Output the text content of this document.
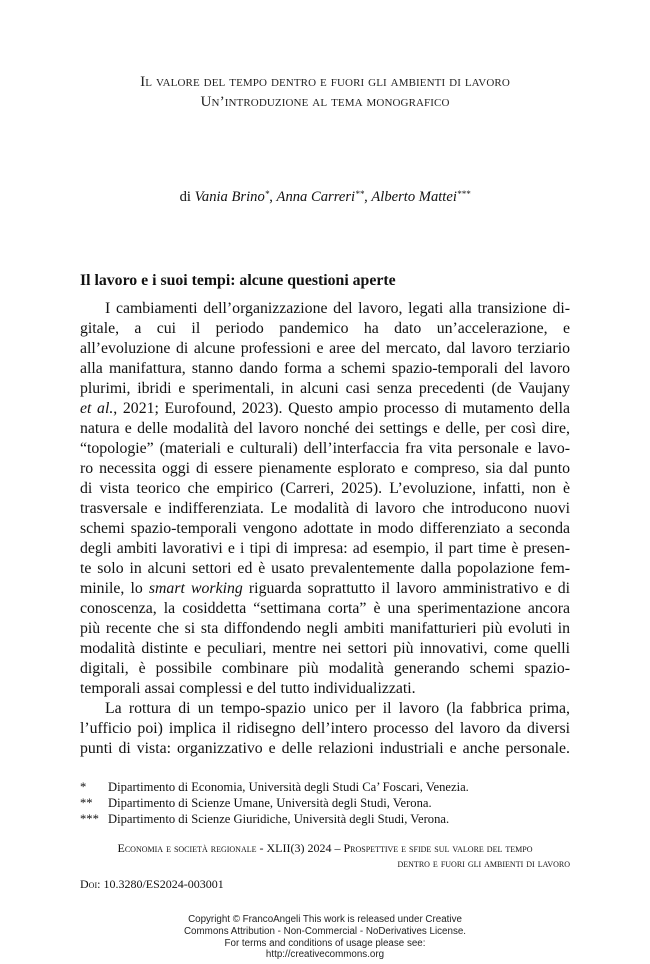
Il valore del tempo dentro e fuori gli ambienti di lavoro
Un’introduzione al tema monografico
di Vania Brino*, Anna Carreri**, Alberto Mattei***
Il lavoro e i suoi tempi: alcune questioni aperte
I cambiamenti dell’organizzazione del lavoro, legati alla transizione di-
gitale, a cui il periodo pandemico ha dato un’accelerazione, e
all’evoluzione di alcune professioni e aree del mercato, dal lavoro terziario
alla manifattura, stanno dando forma a schemi spazio-temporali del lavoro
plurimi, ibridi e sperimentali, in alcuni casi senza precedenti (de Vaujany
et al., 2021; Eurofound, 2023). Questo ampio processo di mutamento della
natura e delle modalità del lavoro nonché dei settings e delle, per così dire,
“topologie” (materiali e culturali) dell’interfaccia fra vita personale e lavo-
ro necessita oggi di essere pienamente esplorato e compreso, sia dal punto
di vista teorico che empirico (Carreri, 2025). L’evoluzione, infatti, non è
trasversale e indifferenziata. Le modalità di lavoro che introducono nuovi
schemi spazio-temporali vengono adottate in modo differenziato a seconda
degli ambiti lavorativi e i tipi di impresa: ad esempio, il part time è presen-
te solo in alcuni settori ed è usato prevalentemente dalla popolazione fem-
minile, lo smart working riguarda soprattutto il lavoro amministrativo e di
conoscenza, la cosiddetta “settimana corta” è una sperimentazione ancora
più recente che si sta diffondendo negli ambiti manifatturieri più evoluti in
modalità distinte e peculiari, mentre nei settori più innovativi, come quelli
digitali, è possibile combinare più modalità generando schemi spazio-
temporali assai complessi e del tutto individualizzati.
La rottura di un tempo-spazio unico per il lavoro (la fabbrica prima,
l’ufficio poi) implica il ridisegno dell’intero processo del lavoro da diversi
punti di vista: organizzativo e delle relazioni industriali e anche personale.
* Dipartimento di Economia, Università degli Studi Ca’ Foscari, Venezia.
** Dipartimento di Scienze Umane, Università degli Studi, Verona.
*** Dipartimento di Scienze Giuridiche, Università degli Studi, Verona.
Economia e società regionale - XLII(3) 2024 – Prospettive e sfide sul valore del tempo
dentro e fuori gli ambienti di lavoro
Doi: 10.3280/ES2024-003001
Copyright © FrancoAngeli This work is released under Creative
Commons Attribution - Non-Commercial - NoDerivatives License.
For terms and conditions of usage please see:
http://creativecommons.org
